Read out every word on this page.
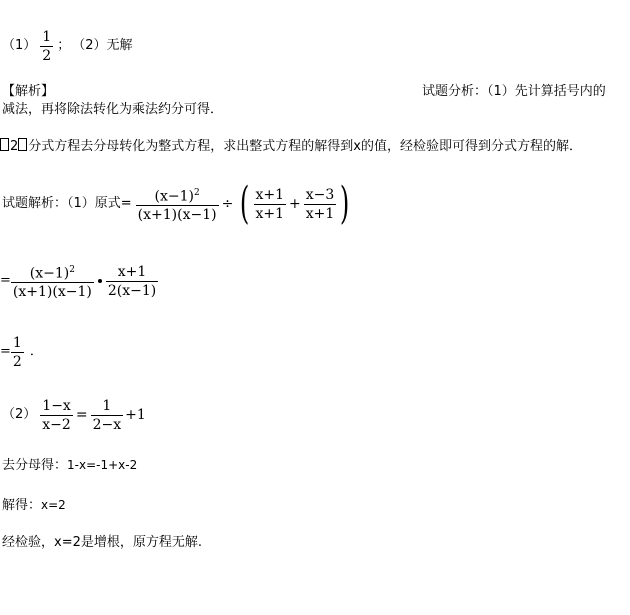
$(1) \frac{1}{2}$ ； （2） 无解
【解析】	试题分析：（1）先计算括号内的
减法，再将除法转化为乘法约分可得．
2 分式方程去分母转化为整式方程，求出整式方程的解得到x的值，经检验即可得到分式方程的解．
试题解析：（1）原式= $\frac{(x-1)^2}{(x+1)(x-1)}$ ÷ ( $\frac{x+1}{x+1} + \frac{x-3}{x+1}$ )
= $\frac{(x-1)^2}{(x+1)(x-1)} \frac{x+1}{2(x-1)}$
= $\frac{1}{2}$ ．
$(2) \frac{1-x}{x-2} = \frac{1}{2-x} +1$
去分母得：1-x=-1+x-2
解得：x=2
经检验，x=2是增根，原方程无解.
